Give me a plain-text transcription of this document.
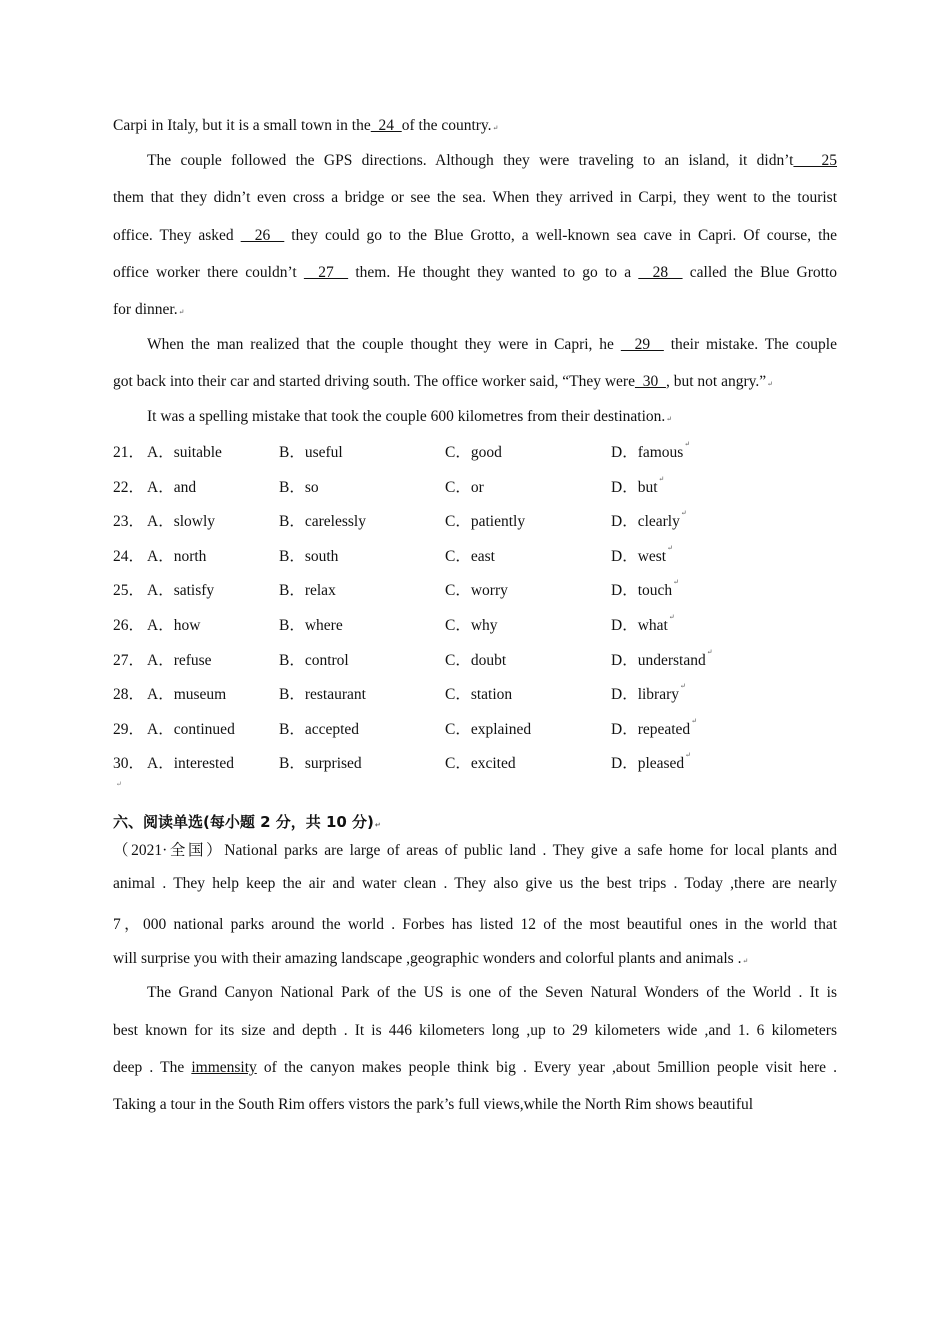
Carpi in Italy, but it is a small town in the  24  of the country.↵
The couple followed the GPS directions. Although they were traveling to an island, it didn’t   25
them that they didn’t even cross a bridge or see the sea. When they arrived in Carpi, they went to the tourist
office. They asked   26   they could go to the Blue Grotto, a well-known sea cave in Capri. Of course, the
office worker there couldn’t   27   them. He thought they wanted to go to a   28   called the Blue Grotto
for dinner.↵
When the man realized that the couple thought they were in Capri, he   29   their mistake. The couple
got back into their car and started driving south. The office worker said, “They were  30  , but not angry.”↵
It was a spelling mistake that took the couple 600 kilometres from their destination.↵
21． A．suitable	B．useful	C．good	D．famous ↵
22． A．and	B．so	C．or	D．but ↵
23． A．slowly	B．carelessly	C．patiently	D．clearly ↵
24． A．north	B．south	C．east	D．west ↵
25． A．satisfy	B．relax	C．worry	D．touch ↵
26． A．how	B．where	C．why	D．what ↵
27． A．refuse	B．control	C．doubt	D．understand ↵
28． A．museum	B．restaurant	C．station	D．library ↵
29． A．continued	B．accepted	C．explained	D．repeated ↵
30． A．interested	B．surprised	C．excited	D．pleased ↵
↵
六、阅读单选(每小题 2 分，共 10 分)↵
（2021·全国）National parks are large of areas of public land . They give a safe home for local plants and
animal . They help keep the air and water clean . They also give us the best trips . Today ,there are nearly
7，000 national parks around the world . Forbes has listed 12 of the most beautiful ones in the world that
will surprise you with their amazing landscape ,geographic wonders and colorful plants and animals .↵
The Grand Canyon National Park of the US is one of the Seven Natural Wonders of the World . It is
best known for its size and depth . It is 446 kilometers long ,up to 29 kilometers wide ,and 1. 6 kilometers
deep . The immensity of the canyon makes people think big . Every year ,about 5million people visit here .
Taking a tour in the South Rim offers vistors the park’s full views,while the North Rim shows beautiful
